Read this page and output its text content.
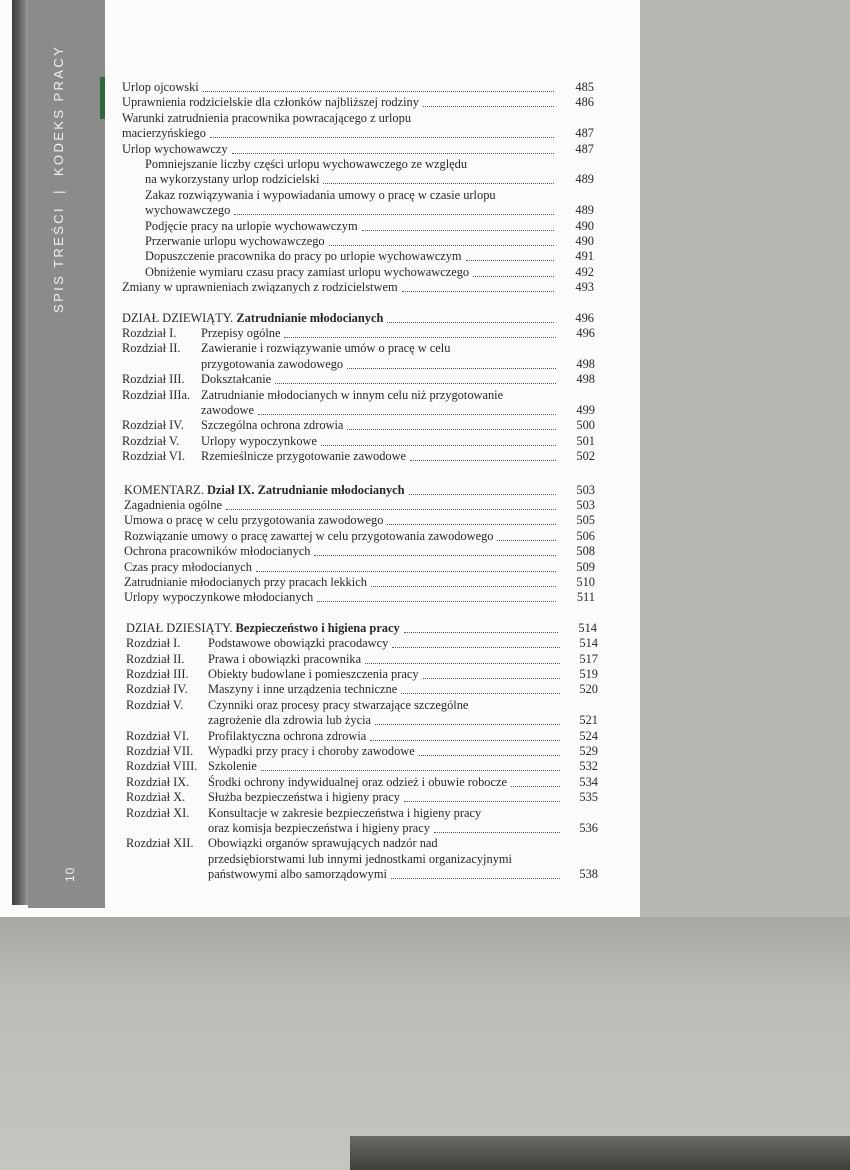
SPIS TREŚCI|KODEKS PRACY
10
Urlop ojcowski	485
Uprawnienia rodzicielskie dla członków najbliższej rodziny	486
Warunki zatrudnienia pracownika powracającego z urlopu
macierzyńskiego	487
Urlop wychowawczy	487
Pomniejszanie liczby części urlopu wychowawczego ze względu
na wykorzystany urlop rodzicielski	489
Zakaz rozwiązywania i wypowiadania umowy o pracę w czasie urlopu
wychowawczego	489
Podjęcie pracy na urlopie wychowawczym	490
Przerwanie urlopu wychowawczego	490
Dopuszczenie pracownika do pracy po urlopie wychowawczym	491
Obniżenie wymiaru czasu pracy zamiast urlopu wychowawczego	492
Zmiany w uprawnieniach związanych z rodzicielstwem	493
DZIAŁ DZIEWIĄTY. Zatrudnianie młodocianych	496
Rozdział I. Przepisy ogólne	496
Rozdział II. Zawieranie i rozwiązywanie umów o pracę w celu
przygotowania zawodowego	498
Rozdział III. Dokształcanie	498
Rozdział IIIa. Zatrudnianie młodocianych w innym celu niż przygotowanie
zawodowe	499
Rozdział IV. Szczególna ochrona zdrowia	500
Rozdział V. Urlopy wypoczynkowe	501
Rozdział VI. Rzemieślnicze przygotowanie zawodowe	502
KOMENTARZ. Dział IX. Zatrudnianie młodocianych	503
Zagadnienia ogólne	503
Umowa o pracę w celu przygotowania zawodowego	505
Rozwiązanie umowy o pracę zawartej w celu przygotowania zawodowego	506
Ochrona pracowników młodocianych	508
Czas pracy młodocianych	509
Zatrudnianie młodocianych przy pracach lekkich	510
Urlopy wypoczynkowe młodocianych	511
DZIAŁ DZIESIĄTY. Bezpieczeństwo i higiena pracy	514
Rozdział I. Podstawowe obowiązki pracodawcy	514
Rozdział II. Prawa i obowiązki pracownika	517
Rozdział III. Obiekty budowlane i pomieszczenia pracy	519
Rozdział IV. Maszyny i inne urządzenia techniczne	520
Rozdział V. Czynniki oraz procesy pracy stwarzające szczególne
zagrożenie dla zdrowia lub życia	521
Rozdział VI. Profilaktyczna ochrona zdrowia	524
Rozdział VII. Wypadki przy pracy i choroby zawodowe	529
Rozdział VIII. Szkolenie	532
Rozdział IX. Środki ochrony indywidualnej oraz odzież i obuwie robocze	534
Rozdział X. Służba bezpieczeństwa i higieny pracy	535
Rozdział XI. Konsultacje w zakresie bezpieczeństwa i higieny pracy
oraz komisja bezpieczeństwa i higieny pracy	536
Rozdział XII. Obowiązki organów sprawujących nadzór nad
przedsiębiorstwami lub innymi jednostkami organizacyjnymi
państwowymi albo samorządowymi	538
